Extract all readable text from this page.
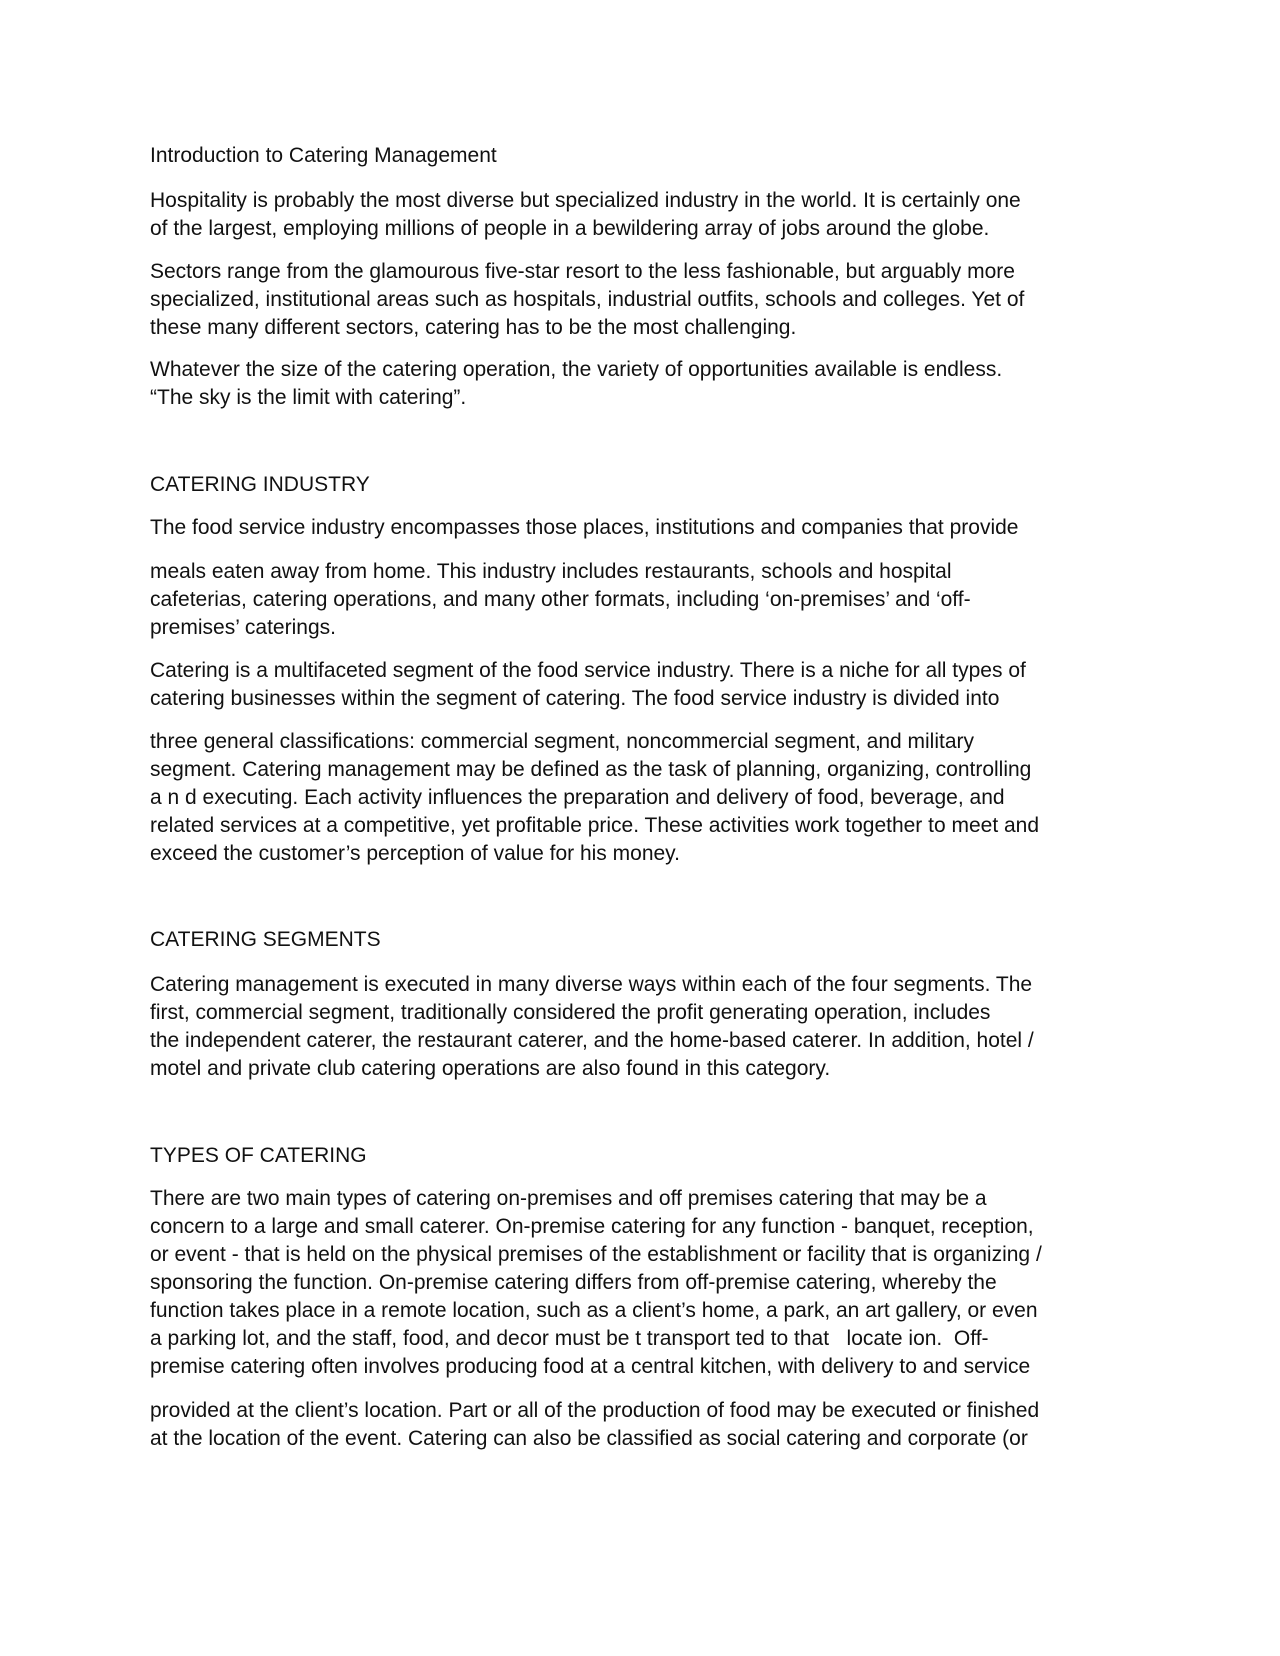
Introduction to Catering Management
Hospitality is probably the most diverse but specialized industry in the world. It is certainly one
of the largest, employing millions of people in a bewildering array of jobs around the globe.
Sectors range from the glamourous five-star resort to the less fashionable, but arguably more
specialized, institutional areas such as hospitals, industrial outfits, schools and colleges. Yet of
these many different sectors, catering has to be the most challenging.
Whatever the size of the catering operation, the variety of opportunities available is endless.
“The sky is the limit with catering”.
CATERING INDUSTRY
The food service industry encompasses those places, institutions and companies that provide
meals eaten away from home. This industry includes restaurants, schools and hospital
cafeterias, catering operations, and many other formats, including ‘on-premises’ and ‘off-
premises’ caterings.
Catering is a multifaceted segment of the food service industry. There is a niche for all types of
catering businesses within the segment of catering. The food service industry is divided into
three general classifications: commercial segment, noncommercial segment, and military
segment. Catering management may be defined as the task of planning, organizing, controlling
a n d executing. Each activity influences the preparation and delivery of food, beverage, and
related services at a competitive, yet profitable price. These activities work together to meet and
exceed the customer’s perception of value for his money.
CATERING SEGMENTS
Catering management is executed in many diverse ways within each of the four segments. The
first, commercial segment, traditionally considered the profit generating operation, includes
the independent caterer, the restaurant caterer, and the home-based caterer. In addition, hotel /
motel and private club catering operations are also found in this category.
TYPES OF CATERING
There are two main types of catering on-premises and off premises catering that may be a
concern to a large and small caterer. On-premise catering for any function - banquet, reception,
or event - that is held on the physical premises of the establishment or facility that is organizing /
sponsoring the function. On-premise catering differs from off-premise catering, whereby the
function takes place in a remote location, such as a client’s home, a park, an art gallery, or even
a parking lot, and the staff, food, and decor must be t transport ted to that   locate ion.  Off-
premise catering often involves producing food at a central kitchen, with delivery to and service
provided at the client’s location. Part or all of the production of food may be executed or finished
at the location of the event. Catering can also be classified as social catering and corporate (or
